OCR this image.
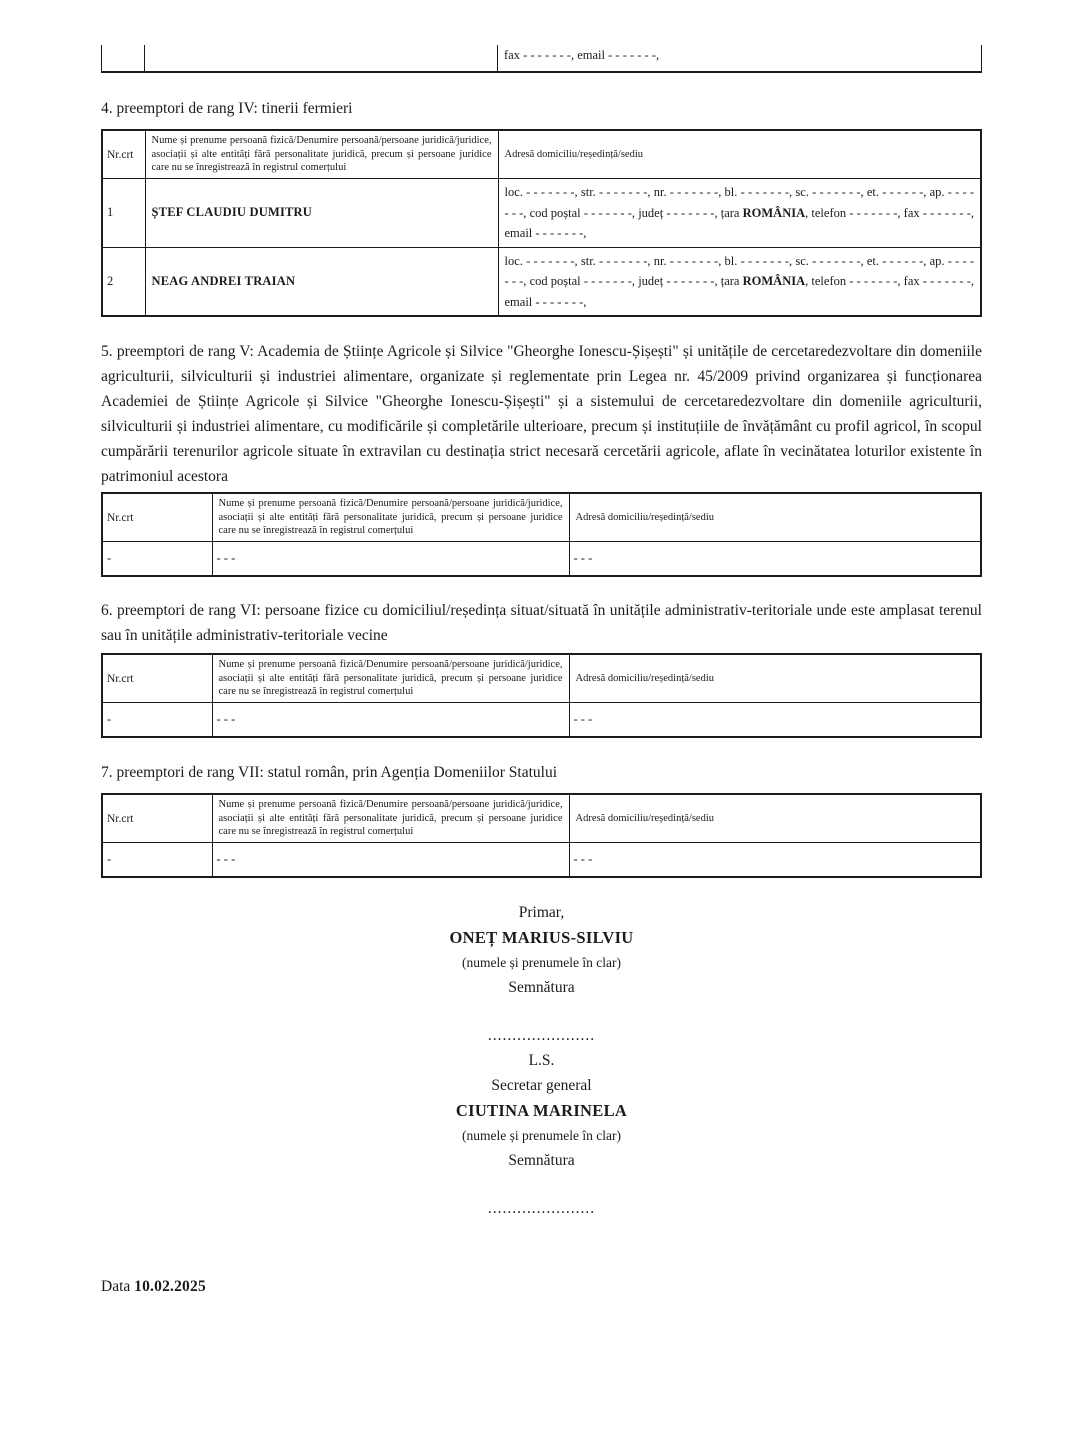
fax - - - - - - -, email - - - - - - -,
4. preemptori de rang IV: tinerii fermieri
Nr.crt	Nume și prenume persoană fizică/Denumire persoană/persoane juridică/juridice, asociații și alte entități fără personalitate juridică, precum și persoane juridice care nu se înregistrează în registrul comerțului	Adresă domiciliu/reședință/sediu
1	ȘTEF CLAUDIU DUMITRU	loc. - - - - - - -, str. - - - - - - -, nr. - - - - - - -, bl. - - - - - - -, sc. - - - - - - -, et. - - - - - -, ap. - - - - - - -, cod poștal - - - - - - -, județ - - - - - - -, țara ROMÂNIA, telefon - - - - - - -, fax - - - - - - -, email - - - - - - -,
2	NEAG ANDREI TRAIAN	loc. - - - - - - -, str. - - - - - - -, nr. - - - - - - -, bl. - - - - - - -, sc. - - - - - - -, et. - - - - - -, ap. - - - - - - -, cod poștal - - - - - - -, județ - - - - - - -, țara ROMÂNIA, telefon - - - - - - -, fax - - - - - - -, email - - - - - - -,
5. preemptori de rang V: Academia de Științe Agricole și Silvice "Gheorghe Ionescu-Șișești" și unitățile de cercetaredezvoltare din domeniile agriculturii, silviculturii și industriei alimentare, organizate și reglementate prin Legea nr. 45/2009 privind organizarea și funcționarea Academiei de Științe Agricole și Silvice "Gheorghe Ionescu-Șișești" și a sistemului de cercetaredezvoltare din domeniile agriculturii, silviculturii și industriei alimentare, cu modificările și completările ulterioare, precum și instituțiile de învățământ cu profil agricol, în scopul cumpărării terenurilor agricole situate în extravilan cu destinația strict necesară cercetării agricole, aflate în vecinătatea loturilor existente în patrimoniul acestora
Nr.crt	Nume și prenume persoană fizică/Denumire persoană/persoane juridică/juridice, asociații și alte entități fără personalitate juridică, precum și persoane juridice care nu se înregistrează în registrul comerțului	Adresă domiciliu/reședință/sediu
-	- - -	- - -
6. preemptori de rang VI: persoane fizice cu domiciliul/reședința situat/situată în unitățile administrativ-teritoriale unde este amplasat terenul sau în unitățile administrativ-teritoriale vecine
Nr.crt	Nume și prenume persoană fizică/Denumire persoană/persoane juridică/juridice, asociații și alte entități fără personalitate juridică, precum și persoane juridice care nu se înregistrează în registrul comerțului	Adresă domiciliu/reședință/sediu
-	- - -	- - -
7. preemptori de rang VII: statul român, prin Agenția Domeniilor Statului
Nr.crt	Nume și prenume persoană fizică/Denumire persoană/persoane juridică/juridice, asociații și alte entități fără personalitate juridică, precum și persoane juridice care nu se înregistrează în registrul comerțului	Adresă domiciliu/reședință/sediu
-	- - -	- - -
Primar,
ONEȚ MARIUS-SILVIU
(numele și prenumele în clar)
Semnătura
......................
L.S.
Secretar general
CIUTINA MARINELA
(numele și prenumele în clar)
Semnătura
......................
Data 10.02.2025
